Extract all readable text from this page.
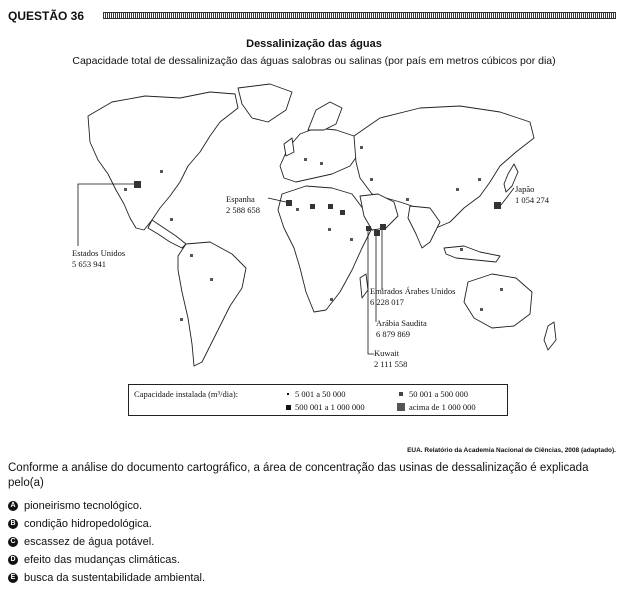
QUESTÃO 36
Dessalinização das águas
Capacidade total de dessalinização das águas salobras ou salinas (por país em metros cúbicos por dia)
Estados Unidos
5 653 941
Espanha
2 588 658
Japão
1 054 274
Emirados Árabes Unidos
6 228 017
Arábia Saudita
6 879 869
Kuwait
2 111 558
Capacidade instalada (m³/dia):	5 001 a 50 000	50 001 a 500 000
500 001 a 1 000 000	acima de 1 000 000
EUA. Relatório da Academia Nacional de Ciências, 2008 (adaptado).
Conforme a análise do documento cartográfico, a área de concentração das usinas de dessalinização é explicada pelo(a)
A pioneirismo tecnológico.
B condição hidropedológica.
C escassez de água potável.
D efeito das mudanças climáticas.
E busca da sustentabilidade ambiental.
